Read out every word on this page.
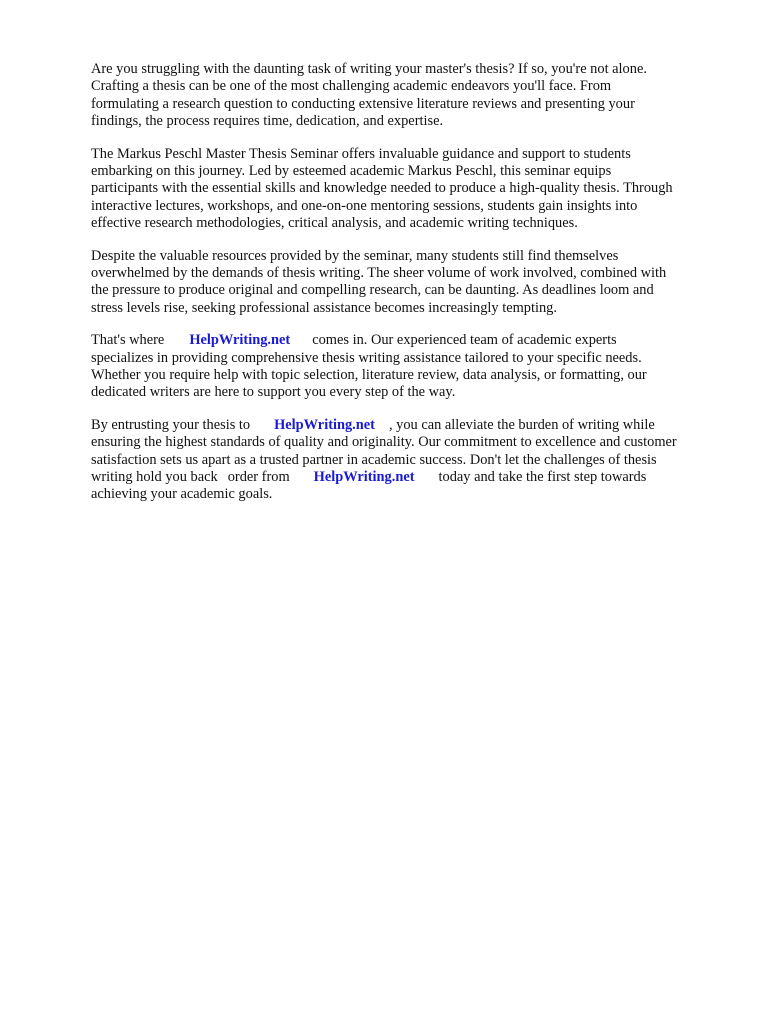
Are you struggling with the daunting task of writing your master's thesis? If so, you're not alone.
Crafting a thesis can be one of the most challenging academic endeavors you'll face. From
formulating a research question to conducting extensive literature reviews and presenting your
findings, the process requires time, dedication, and expertise.

The Markus Peschl Master Thesis Seminar offers invaluable guidance and support to students
embarking on this journey. Led by esteemed academic Markus Peschl, this seminar equips
participants with the essential skills and knowledge needed to produce a high-quality thesis. Through
interactive lectures, workshops, and one-on-one mentoring sessions, students gain insights into
effective research methodologies, critical analysis, and academic writing techniques.

Despite the valuable resources provided by the seminar, many students still find themselves
overwhelmed by the demands of thesis writing. The sheer volume of work involved, combined with
the pressure to produce original and compelling research, can be daunting. As deadlines loom and
stress levels rise, seeking professional assistance becomes increasingly tempting.

That's where HelpWriting.net comes in. Our experienced team of academic experts
specializes in providing comprehensive thesis writing assistance tailored to your specific needs.
Whether you require help with topic selection, literature review, data analysis, or formatting, our
dedicated writers are here to support you every step of the way.

By entrusting your thesis to HelpWriting.net , you can alleviate the burden of writing while
ensuring the highest standards of quality and originality. Our commitment to excellence and customer
satisfaction sets us apart as a trusted partner in academic success. Don't let the challenges of thesis
writing hold you back order from HelpWriting.net today and take the first step towards
achieving your academic goals.
